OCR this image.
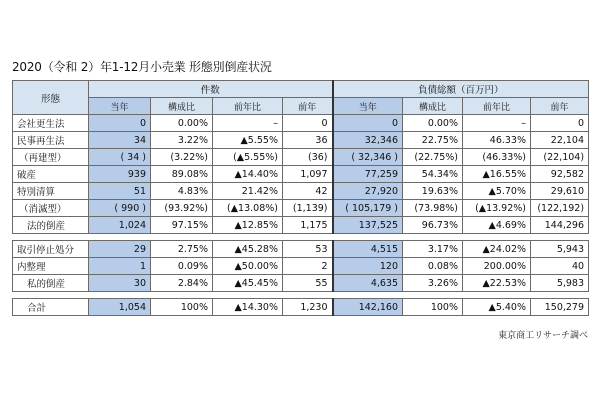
2020（令和 2）年1-12月小売業 形態別倒産状況
形態	件数				負債総額（百万円）			
	当年	構成比	前年比	前年	当年	構成比	前年比	前年
会社更生法	0	0.00%	–	0	0	0.00%	–	0
民事再生法	34	3.22%	▲5.55%	36	32,346	22.75%	46.33%	22,104
（再建型）	( 34 )	(3.22%)	(▲5.55%)	(36)	( 32,346 )	(22.75%)	(46.33%)	(22,104)
破産	939	89.08%	▲14.40%	1,097	77,259	54.34%	▲16.55%	92,582
特別清算	51	4.83%	21.42%	42	27,920	19.63%	▲5.70%	29,610
（消滅型）	( 990 )	(93.92%)	(▲13.08%)	(1,139)	( 105,179 )	(73.98%)	(▲13.92%)	(122,192)
法的倒産	1,024	97.15%	▲12.85%	1,175	137,525	96.73%	▲4.69%	144,296

取引停止処分	29	2.75%	▲45.28%	53	4,515	3.17%	▲24.02%	5,943
内整理	1	0.09%	▲50.00%	2	120	0.08%	200.00%	40
私的倒産	30	2.84%	▲45.45%	55	4,635	3.26%	▲22.53%	5,983

合計	1,054	100%	▲14.30%	1,230	142,160	100%	▲5.40%	150,279
東京商工リサーチ調べ
